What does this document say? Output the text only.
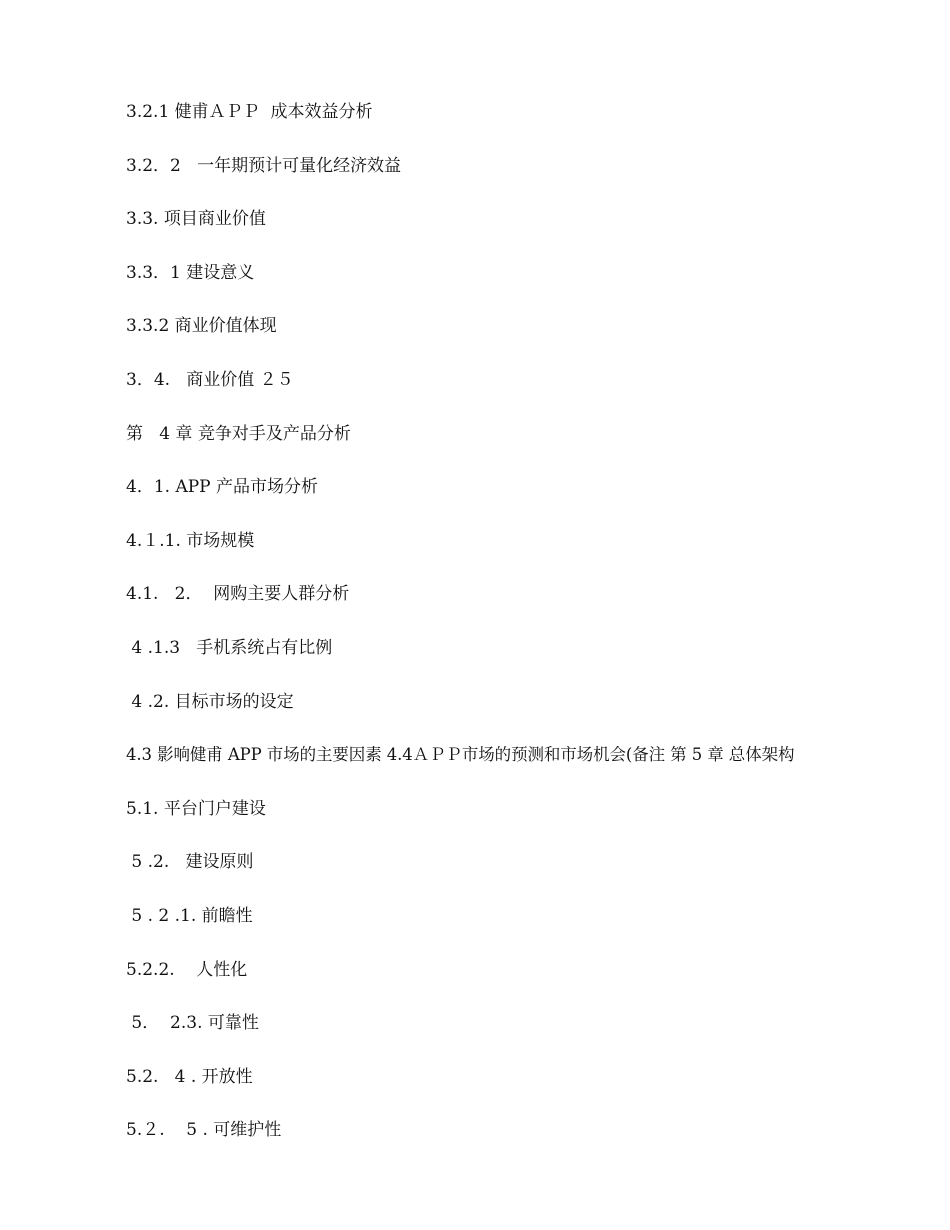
3.2.1 健甫ＡＰＰ  成本效益分析
3.2．2   一年期预计可量化经济效益
3.3. 项目商业价值
3.3．1 建设意义
3.3.2 商业价值体现
3．4.   商业价值 ２５
第   4 章 竞争对手及产品分析
4．1. APP 产品市场分析
4.１.1. 市场规模
4.1.   2．  网购主要人群分析
4 .1.3   手机系统占有比例
4 .2. 目标市场的设定
4.3 影响健甫 APP 市场的主要因素 4.4ＡＰＰ市场的预测和市场机会(备注 第 5 章 总体架构
5.1. 平台门户建设
5 .2.   建设原则
5 . 2 .1. 前瞻性
5.2.2.    人性化
5．  2.3. 可靠性
5.2.   4 . 开放性
5.２.    5 . 可维护性
